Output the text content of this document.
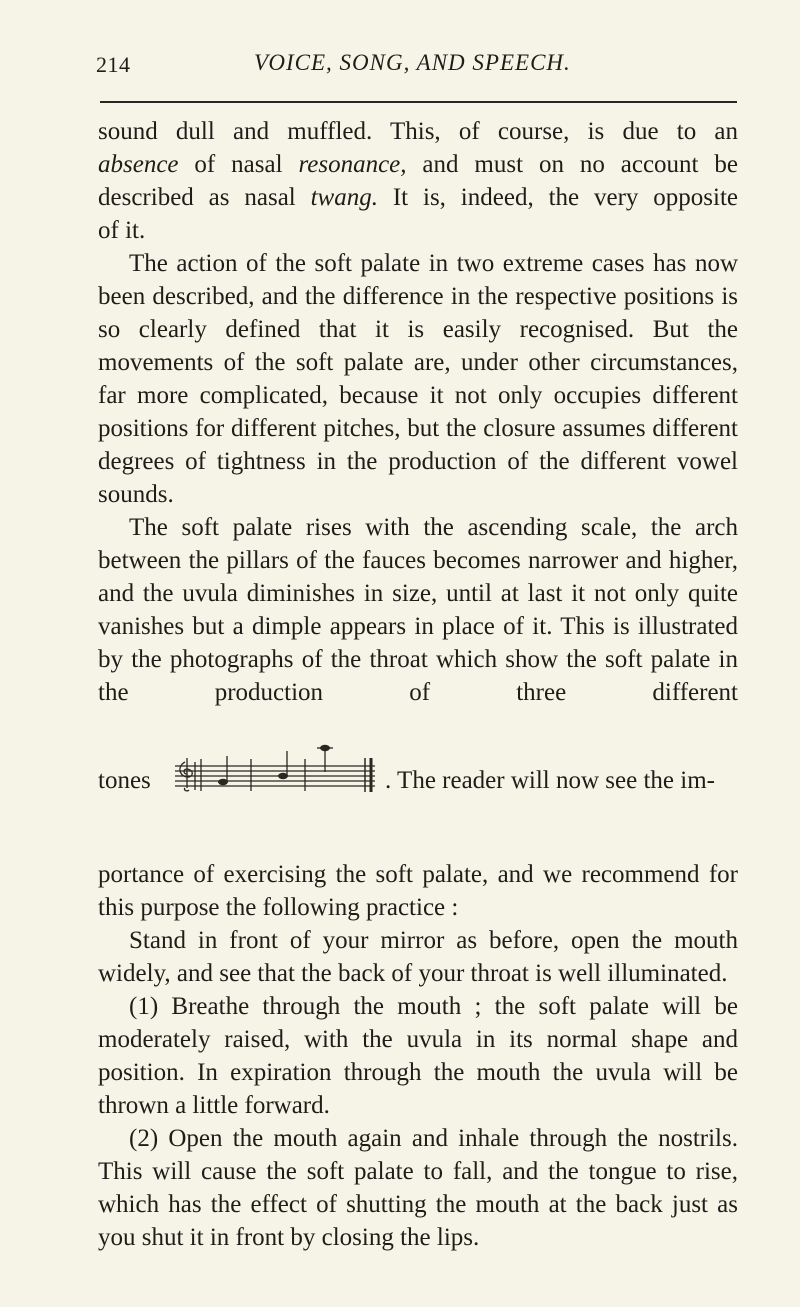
214	VOICE, SONG, AND SPEECH.

sound dull and muffled. This, of course, is due to an

absence of nasal resonance, and must on no account be

described as nasal twang. It is, indeed, the very opposite

of it.

The action of the soft palate in two extreme cases has now been described, and the difference in the respective positions is so clearly defined that it is easily recognised. But the movements of the soft palate are, under other circumstances, far more complicated, because it not only occupies different positions for different pitches, but the closure assumes different degrees of tightness in the production of the different vowel sounds.

The soft palate rises with the ascending scale, the arch between the pillars of the fauces becomes narrower and higher, and the uvula diminishes in size, until at last it not only quite vanishes but a dimple appears in place of it. This is illustrated by the photographs of the throat which show the soft palate in the production of three different

tones	. The reader will now see the im-

portance of exercising the soft palate, and we recommend for this purpose the following practice :

Stand in front of your mirror as before, open the mouth widely, and see that the back of your throat is well illuminated.

(1) Breathe through the mouth ; the soft palate will be moderately raised, with the uvula in its normal shape and position. In expiration through the mouth the uvula will be thrown a little forward.

(2) Open the mouth again and inhale through the nostrils. This will cause the soft palate to fall, and the tongue to rise, which has the effect of shutting the mouth at the back just as you shut it in front by closing the lips.
